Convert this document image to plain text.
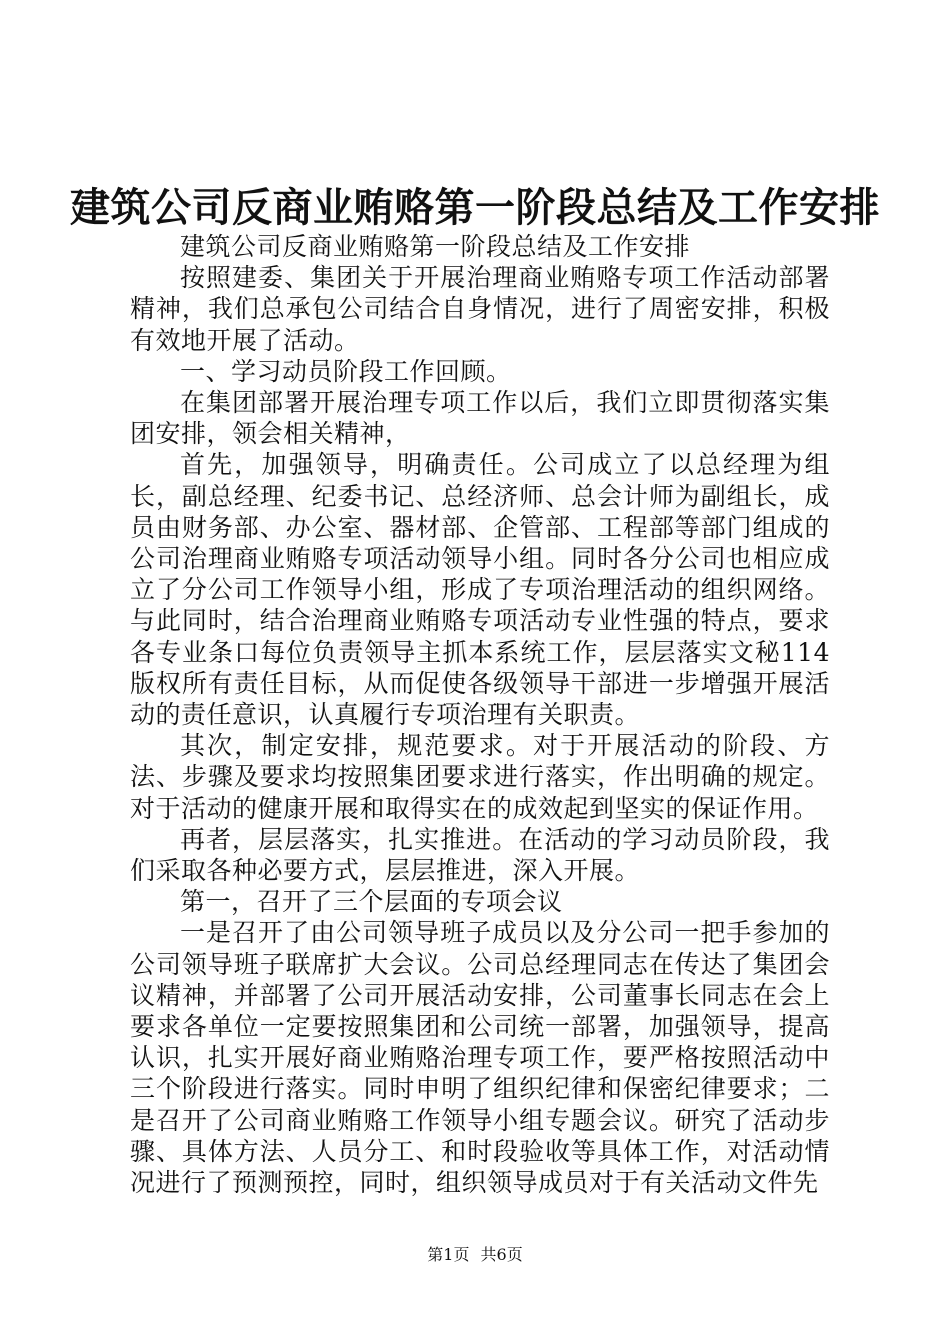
建筑公司反商业贿赂第一阶段总结及工作安排

建筑公司反商业贿赂第一阶段总结及工作安排

按照建委、集团关于开展治理商业贿赂专项工作活动部署精神，我们总承包公司结合自身情况，进行了周密安排，积极有效地开展了活动。

一、学习动员阶段工作回顾。

在集团部署开展治理专项工作以后，我们立即贯彻落实集团安排，领会相关精神，

首先，加强领导，明确责任。公司成立了以总经理为组长，副总经理、纪委书记、总经济师、总会计师为副组长，成员由财务部、办公室、器材部、企管部、工程部等部门组成的公司治理商业贿赂专项活动领导小组。同时各分公司也相应成立了分公司工作领导小组，形成了专项治理活动的组织网络。与此同时，结合治理商业贿赂专项活动专业性强的特点，要求各专业条口每位负责领导主抓本系统工作，层层落实文秘114版权所有责任目标，从而促使各级领导干部进一步增强开展活动的责任意识，认真履行专项治理有关职责。

其次，制定安排，规范要求。对于开展活动的阶段、方法、步骤及要求均按照集团要求进行落实，作出明确的规定。对于活动的健康开展和取得实在的成效起到坚实的保证作用。

再者，层层落实，扎实推进。在活动的学习动员阶段，我们采取各种必要方式，层层推进，深入开展。

第一，召开了三个层面的专项会议

一是召开了由公司领导班子成员以及分公司一把手参加的公司领导班子联席扩大会议。公司总经理同志在传达了集团会议精神，并部署了公司开展活动安排，公司董事长同志在会上要求各单位一定要按照集团和公司统一部署，加强领导，提高认识，扎实开展好商业贿赂治理专项工作，要严格按照活动中三个阶段进行落实。同时申明了组织纪律和保密纪律要求；二是召开了公司商业贿赂工作领导小组专题会议。研究了活动步骤、具体方法、人员分工、和时段验收等具体工作，对活动情况进行了预测预控，同时，组织领导成员对于有关活动文件先

第1页 共6页
